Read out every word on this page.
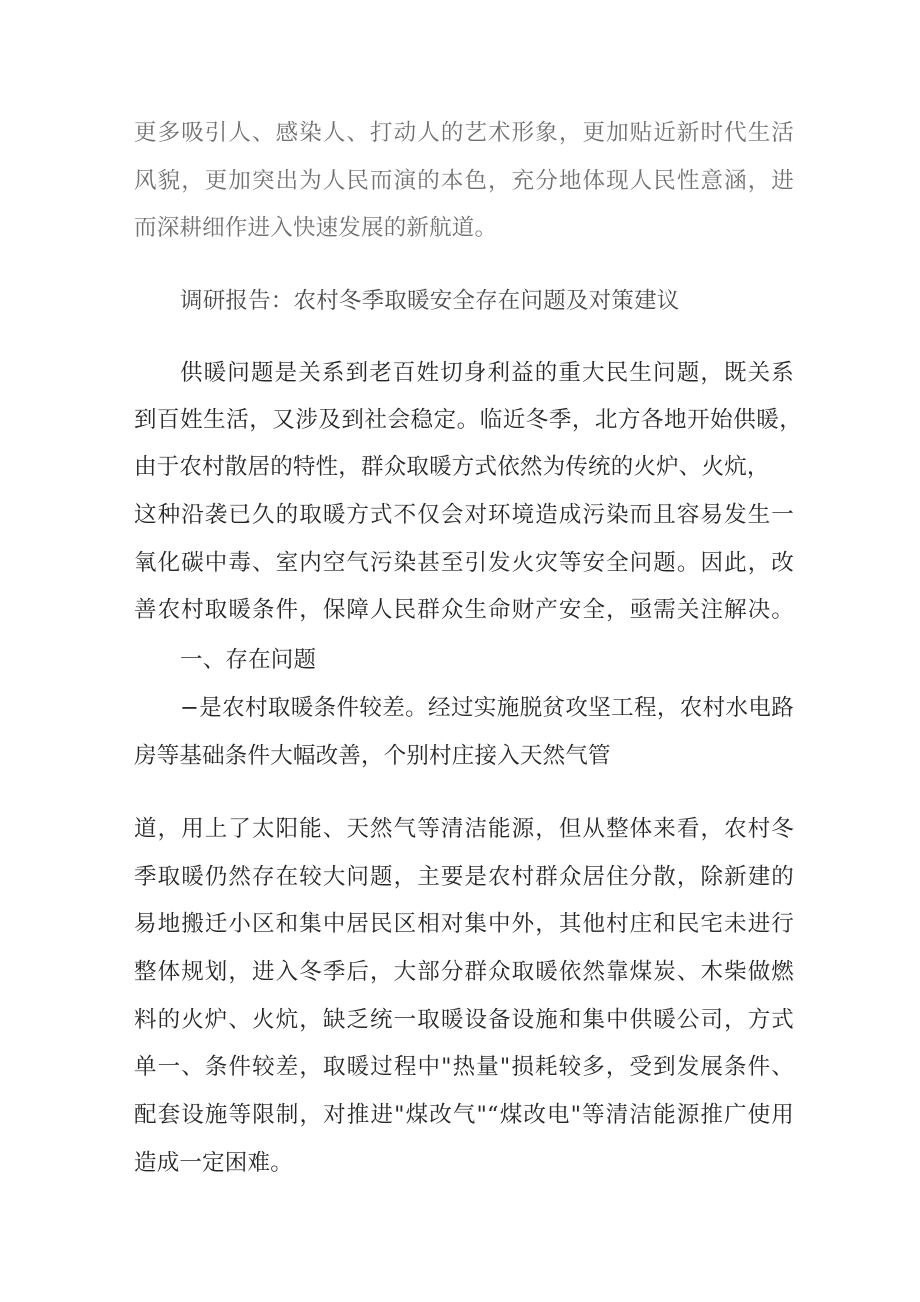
更多吸引人、感染人、打动人的艺术形象，更加贴近新时代生活
风貌，更加突出为人民而演的本色，充分地体现人民性意涵，进
而深耕细作进入快速发展的新航道。
调研报告：农村冬季取暖安全存在问题及对策建议
供暖问题是关系到老百姓切身利益的重大民生问题，既关系
到百姓生活，又涉及到社会稳定。临近冬季，北方各地开始供暖，
由于农村散居的特性，群众取暖方式依然为传统的火炉、火炕，
这种沿袭已久的取暖方式不仅会对环境造成污染而且容易发生一
氧化碳中毒、室内空气污染甚至引发火灾等安全问题。因此，改
善农村取暖条件，保障人民群众生命财产安全，亟需关注解决。
一、存在问题
−是农村取暖条件较差。经过实施脱贫攻坚工程，农村水电路
房等基础条件大幅改善，个别村庄接入天然气管
道，用上了太阳能、天然气等清洁能源，但从整体来看，农村冬
季取暖仍然存在较大问题，主要是农村群众居住分散，除新建的
易地搬迁小区和集中居民区相对集中外，其他村庄和民宅未进行
整体规划，进入冬季后，大部分群众取暖依然靠煤炭、木柴做燃
料的火炉、火炕，缺乏统一取暖设备设施和集中供暖公司，方式
单一、条件较差，取暖过程中"热量"损耗较多，受到发展条件、
配套设施等限制，对推进"煤改气"“煤改电"等清洁能源推广使用
造成一定困难。
